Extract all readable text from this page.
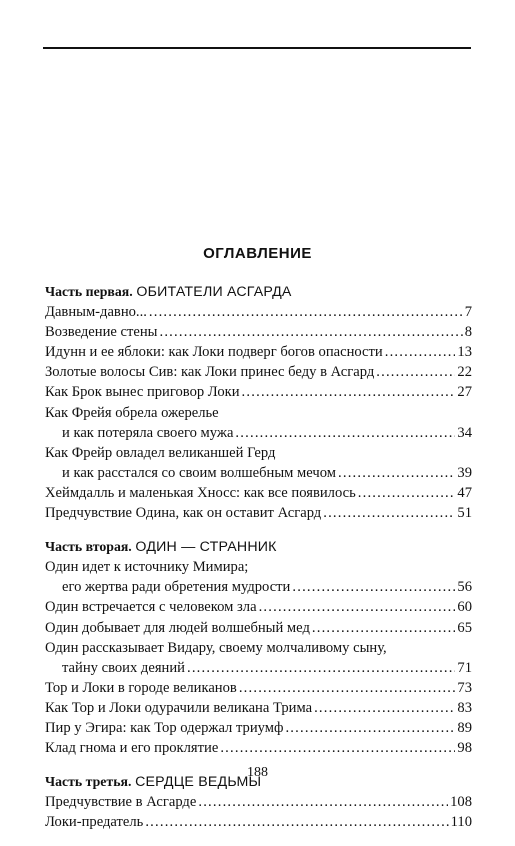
ОГЛАВЛЕНИЕ
Часть первая. ОБИТАТЕЛИ АСГАРДА
Давным-давно... .....	7
Возведение стены .....	8
Идунн и ее яблоки: как Локи подверг богов опасности .....	13
Золотые волосы Сив: как Локи принес беду в Асгард .....	22
Как Брок вынес приговор Локи .....	27
Как Фрейя обрела ожерелье
и как потеряла своего мужа .....	34
Как Фрейр овладел великаншей Герд
и как расстался со своим волшебным мечом .....	39
Хеймдалль и маленькая Хносс: как все появилось .....	47
Предчувствие Одина, как он оставит Асгард .....	51
Часть вторая. ОДИН — СТРАННИК
Один идет к источнику Мимира;
его жертва ради обретения мудрости .....	56
Один встречается с человеком зла .....	60
Один добывает для людей волшебный мед .....	65
Один рассказывает Видару, своему молчаливому сыну,
тайну своих деяний .....	71
Тор и Локи в городе великанов .....	73
Как Тор и Локи одурачили великана Трима .....	83
Пир у Эгира: как Тор одержал триумф .....	89
Клад гнома и его проклятие .....	98
Часть третья. СЕРДЦЕ ВЕДЬМЫ
Предчувствие в Асгарде .....	108
Локи-предатель .....	110
188
